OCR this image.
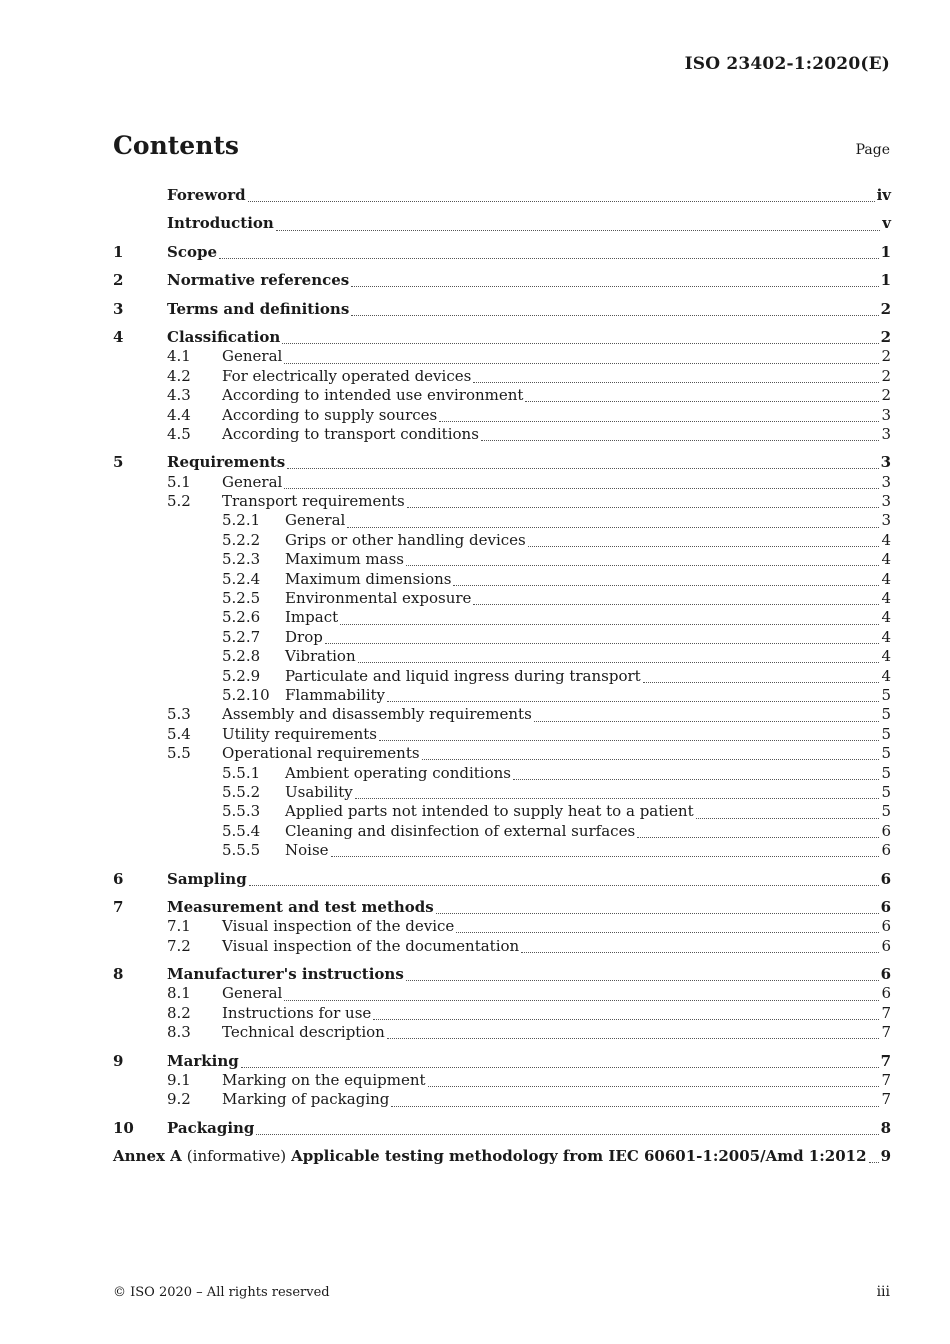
ISO 23402-1:2020(E)
Contents	Page
Foreword	iv
Introduction	v
1	Scope	1
2	Normative references	1
3	Terms and definitions	2
4	Classification	2
4.1	General	2
4.2	For electrically operated devices	2
4.3	According to intended use environment	2
4.4	According to supply sources	3
4.5	According to transport conditions	3
5	Requirements	3
5.1	General	3
5.2	Transport requirements	3
5.2.1	General	3
5.2.2	Grips or other handling devices	4
5.2.3	Maximum mass	4
5.2.4	Maximum dimensions	4
5.2.5	Environmental exposure	4
5.2.6	Impact	4
5.2.7	Drop	4
5.2.8	Vibration	4
5.2.9	Particulate and liquid ingress during transport	4
5.2.10	Flammability	5
5.3	Assembly and disassembly requirements	5
5.4	Utility requirements	5
5.5	Operational requirements	5
5.5.1	Ambient operating conditions	5
5.5.2	Usability	5
5.5.3	Applied parts not intended to supply heat to a patient	5
5.5.4	Cleaning and disinfection of external surfaces	6
5.5.5	Noise	6
6	Sampling	6
7	Measurement and test methods	6
7.1	Visual inspection of the device	6
7.2	Visual inspection of the documentation	6
8	Manufacturer's instructions	6
8.1	General	6
8.2	Instructions for use	7
8.3	Technical description	7
9	Marking	7
9.1	Marking on the equipment	7
9.2	Marking of packaging	7
10	Packaging	8
Annex A (informative) Applicable testing methodology from IEC 60601-1:2005/Amd 1:2012 9
© ISO 2020 – All rights reserved	iii
